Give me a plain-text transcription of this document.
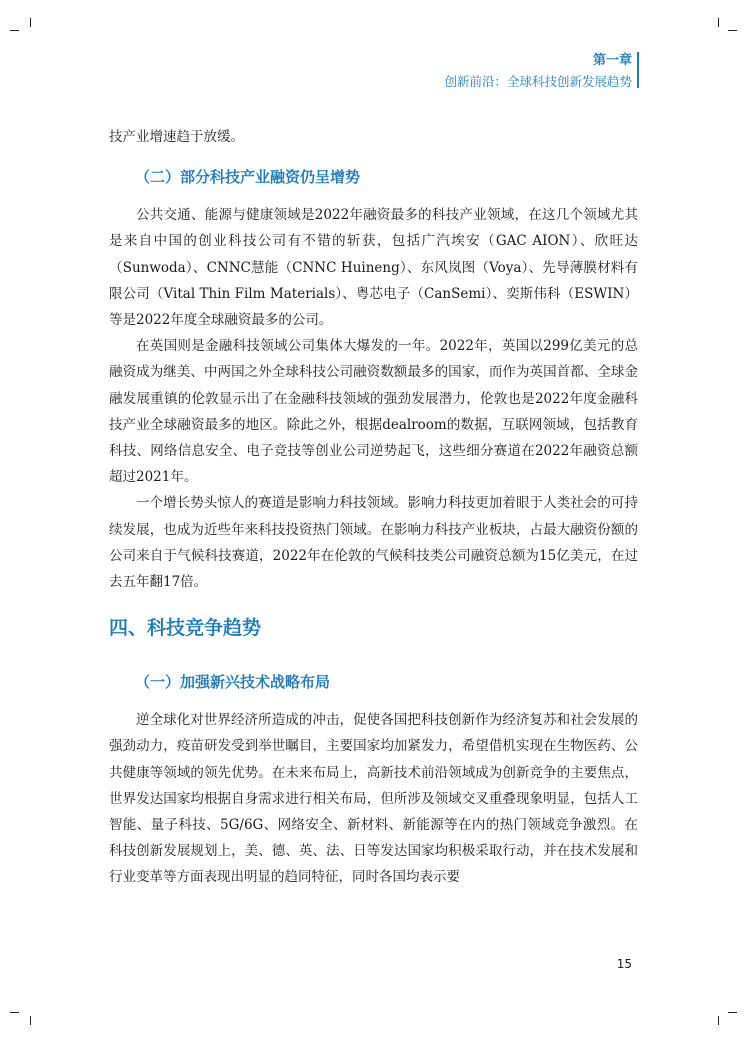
第一章
创新前沿：全球科技创新发展趋势

技产业增速趋于放缓。

（二）部分科技产业融资仍呈增势

公共交通、能源与健康领域是2022年融资最多的科技产业领域，在这几个领域尤其是来自中国的创业科技公司有不错的斩获，包括广汽埃安（GAC AION）、欣旺达（Sunwoda）、CNNC慧能（CNNC Huineng）、东风岚图（Voya）、先导薄膜材料有限公司（Vital Thin Film Materials）、粤芯电子（CanSemi）、奕斯伟科（ESWIN）等是2022年度全球融资最多的公司。

在英国则是金融科技领域公司集体大爆发的一年。2022年，英国以299亿美元的总融资成为继美、中两国之外全球科技公司融资数额最多的国家，而作为英国首都、全球金融发展重镇的伦敦显示出了在金融科技领域的强劲发展潜力，伦敦也是2022年度金融科技产业全球融资最多的地区。除此之外，根据dealroom的数据，互联网领域，包括教育科技、网络信息安全、电子竞技等创业公司逆势起飞，这些细分赛道在2022年融资总额超过2021年。

一个增长势头惊人的赛道是影响力科技领域。影响力科技更加着眼于人类社会的可持续发展，也成为近些年来科技投资热门领域。在影响力科技产业板块，占最大融资份额的公司来自于气候科技赛道，2022年在伦敦的气候科技类公司融资总额为15亿美元，在过去五年翻17倍。

四、科技竞争趋势
（一）加强新兴技术战略布局

逆全球化对世界经济所造成的冲击，促使各国把科技创新作为经济复苏和社会发展的强劲动力，疫苗研发受到举世瞩目，主要国家均加紧发力，希望借机实现在生物医药、公共健康等领域的领先优势。在未来布局上，高新技术前沿领域成为创新竞争的主要焦点，世界发达国家均根据自身需求进行相关布局，但所涉及领域交叉重叠现象明显，包括人工智能、量子科技、5G/6G、网络安全、新材料、新能源等在内的热门领域竞争激烈。在科技创新发展规划上，美、德、英、法、日等发达国家均积极采取行动，并在技术发展和行业变革等方面表现出明显的趋同特征，同时各国均表示要

15
